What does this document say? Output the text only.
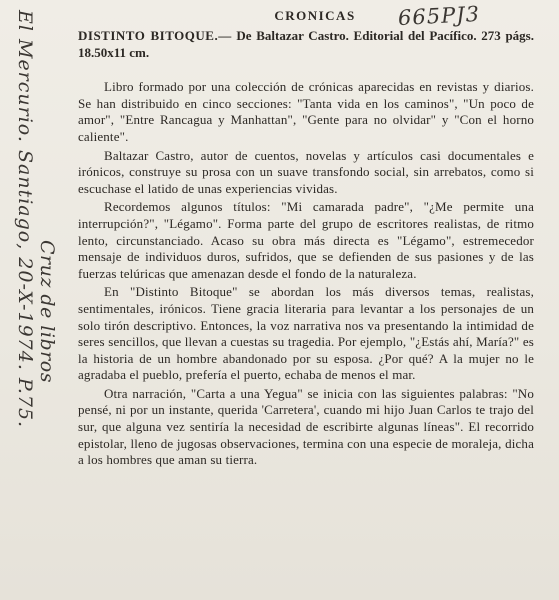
El Mercurio. Santiago, 20-X-1974. P.75. Cruz de libros
CRONICAS	665PJ3

DISTINTO BITOQUE.— De Baltazar Castro. Editorial del Pacífico. 273 págs. 18.50x11 cm.

Libro formado por una colección de crónicas aparecidas en revistas y diarios. Se han distribuido en cinco secciones: "Tanta vida en los caminos", "Un poco de amor", "Entre Rancagua y Manhattan", "Gente para no olvidar" y "Con el horno caliente".

Baltazar Castro, autor de cuentos, novelas y artículos casi documentales e irónicos, construye su prosa con un suave transfondo social, sin arrebatos, como si escuchase el latido de unas experiencias vividas.

Recordemos algunos títulos: "Mi camarada padre", "¿Me permite una interrupción?", "Légamo". Forma parte del grupo de escritores realistas, de ritmo lento, circunstanciado. Acaso su obra más directa es "Légamo", estremecedor mensaje de individuos duros, sufridos, que se defienden de sus pasiones y de las fuerzas telúricas que amenazan desde el fondo de la naturaleza.

En "Distinto Bitoque" se abordan los más diversos temas, realistas, sentimentales, irónicos. Tiene gracia literaria para levantar a los personajes de un solo tirón descriptivo. Entonces, la voz narrativa nos va presentando la intimidad de seres sencillos, que llevan a cuestas su tragedia. Por ejemplo, "¿Estás ahí, María?" es la historia de un hombre abandonado por su esposa. ¿Por qué? A la mujer no le agradaba el pueblo, prefería el puerto, echaba de menos el mar.

Otra narración, "Carta a una Yegua" se inicia con las siguientes palabras: "No pensé, ni por un instante, querida 'Carretera', cuando mi hijo Juan Carlos te trajo del sur, que alguna vez sentiría la necesidad de escribirte algunas líneas". El recorrido epistolar, lleno de jugosas observaciones, termina con una especie de moraleja, dicha a los hombres que aman su tierra.
